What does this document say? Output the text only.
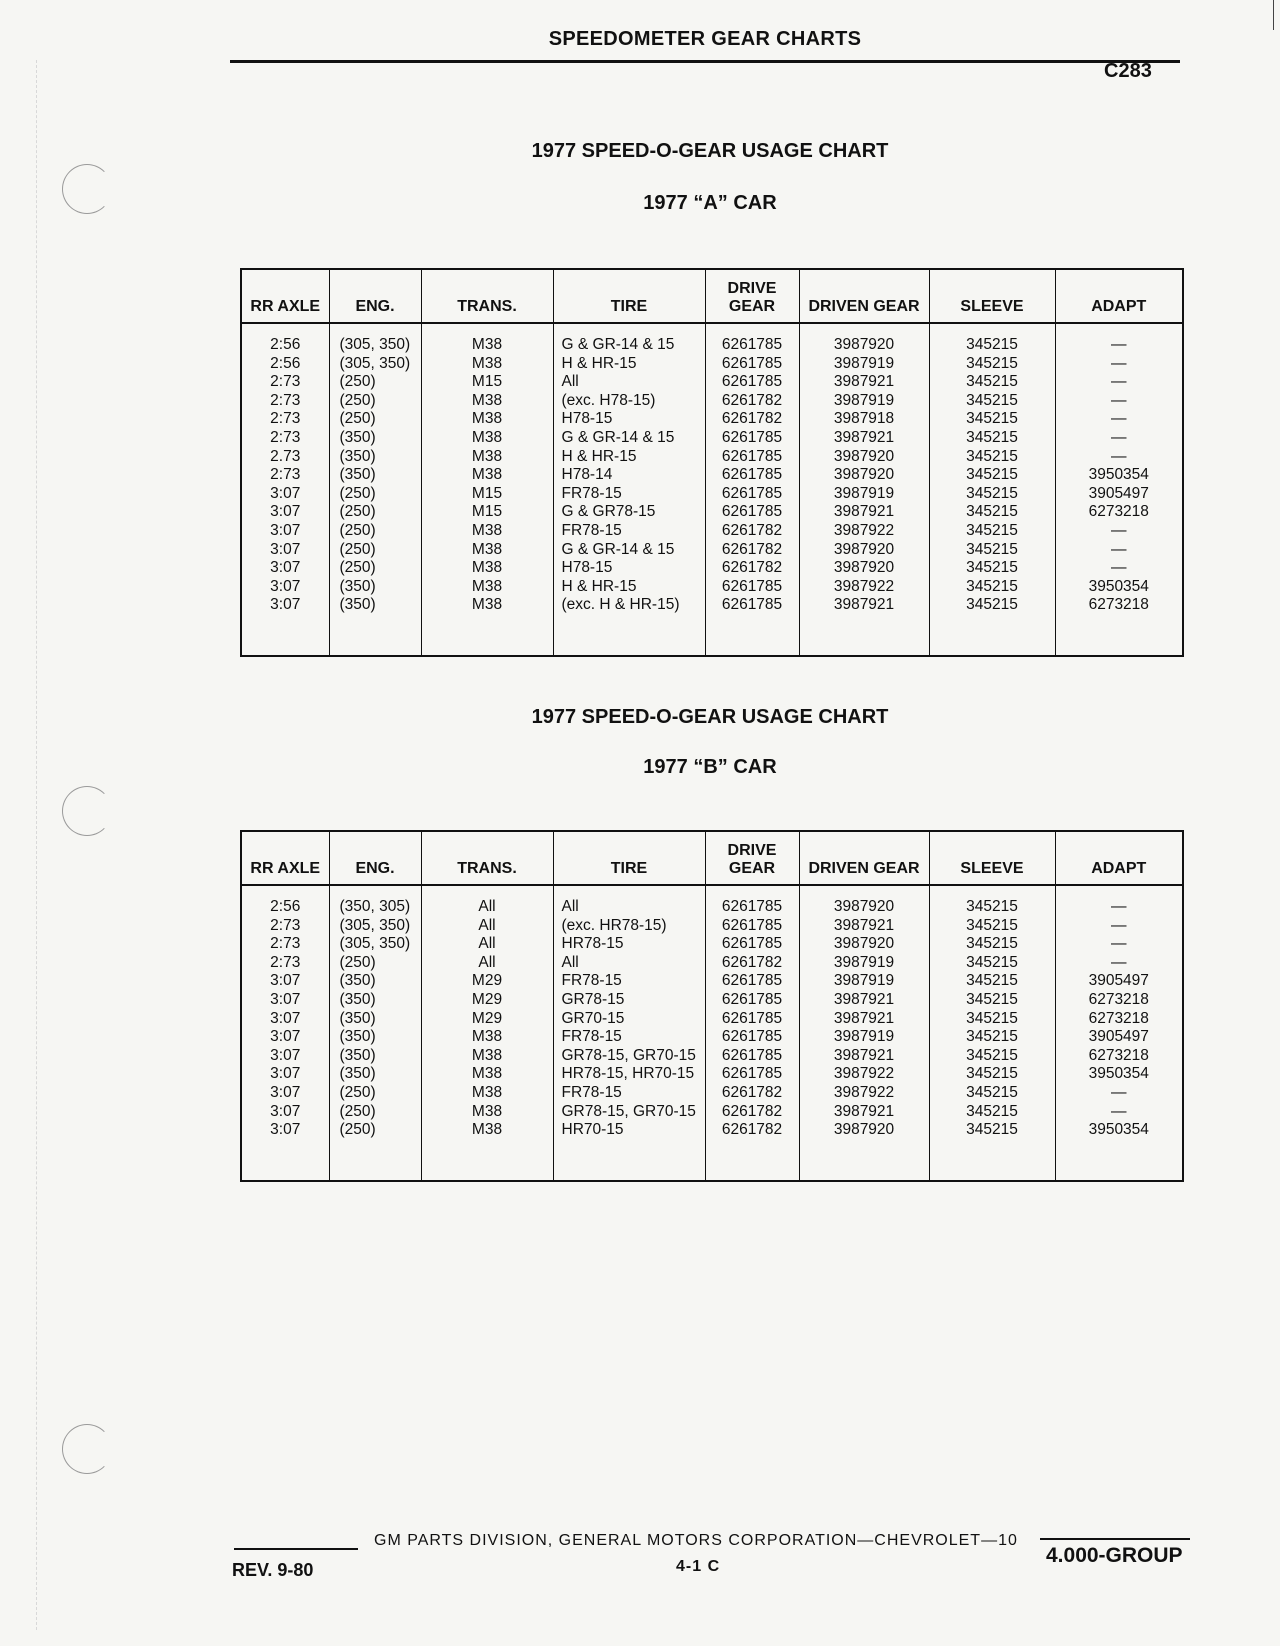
SPEEDOMETER GEAR CHARTS
C283
1977 SPEED-O-GEAR USAGE CHART
1977 “A” CAR
RR AXLE	ENG.	TRANS.	TIRE	DRIVE GEAR	DRIVEN GEAR	SLEEVE	ADAPT
2:56	(305, 350)	M38	G & GR-14 & 15	6261785	3987920	345215	—
2:56	(305, 350)	M38	H & HR-15	6261785	3987919	345215	—
2:73	(250)	M15	All	6261785	3987921	345215	—
2:73	(250)	M38	(exc. H78-15)	6261782	3987919	345215	—
2:73	(250)	M38	H78-15	6261782	3987918	345215	—
2:73	(350)	M38	G & GR-14 & 15	6261785	3987921	345215	—
2.73	(350)	M38	H & HR-15	6261785	3987920	345215	—
2:73	(350)	M38	H78-14	6261785	3987920	345215	3950354
3:07	(250)	M15	FR78-15	6261785	3987919	345215	3905497
3:07	(250)	M15	G & GR78-15	6261785	3987921	345215	6273218
3:07	(250)	M38	FR78-15	6261782	3987922	345215	—
3:07	(250)	M38	G & GR-14 & 15	6261782	3987920	345215	—
3:07	(250)	M38	H78-15	6261782	3987920	345215	—
3:07	(350)	M38	H & HR-15	6261785	3987922	345215	3950354
3:07	(350)	M38	(exc. H & HR-15)	6261785	3987921	345215	6273218

1977 SPEED-O-GEAR USAGE CHART
1977 “B” CAR
RR AXLE	ENG.	TRANS.	TIRE	DRIVE GEAR	DRIVEN GEAR	SLEEVE	ADAPT
2:56	(350, 305)	All	All	6261785	3987920	345215	—
2:73	(305, 350)	All	(exc. HR78-15)	6261785	3987921	345215	—
2:73	(305, 350)	All	HR78-15	6261785	3987920	345215	—
2:73	(250)	All	All	6261782	3987919	345215	—
3:07	(350)	M29	FR78-15	6261785	3987919	345215	3905497
3:07	(350)	M29	GR78-15	6261785	3987921	345215	6273218
3:07	(350)	M29	GR70-15	6261785	3987921	345215	6273218
3:07	(350)	M38	FR78-15	6261785	3987919	345215	3905497
3:07	(350)	M38	GR78-15, GR70-15	6261785	3987921	345215	6273218
3:07	(350)	M38	HR78-15, HR70-15	6261785	3987922	345215	3950354
3:07	(250)	M38	FR78-15	6261782	3987922	345215	—
3:07	(250)	M38	GR78-15, GR70-15	6261782	3987921	345215	—
3:07	(250)	M38	HR70-15	6261782	3987920	345215	3950354

GM PARTS DIVISION, GENERAL MOTORS CORPORATION—CHEVROLET—10
REV. 9-80	4-1 C	4.000-GROUP
